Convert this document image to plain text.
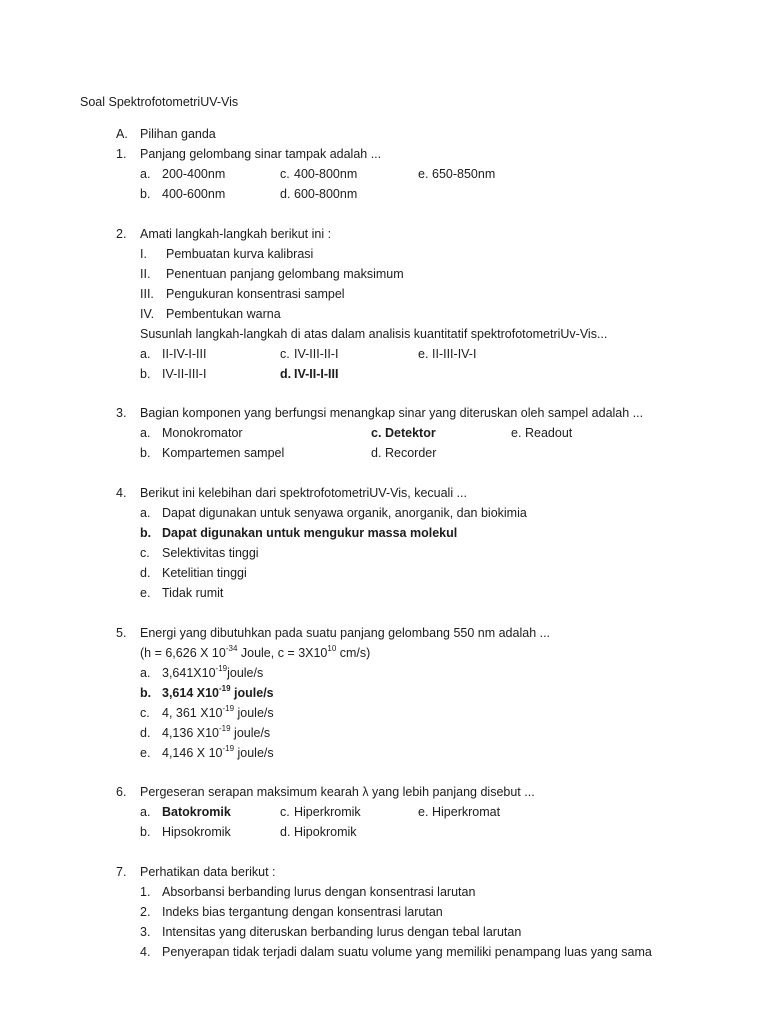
Soal SpektrofotometriUV-Vis
A. Pilihan ganda
1. Panjang gelombang sinar tampak adalah ...
a. 200-400nm	c. 400-800nm	e. 650-850nm
b. 400-600nm	d. 600-800nm
2. Amati langkah-langkah berikut ini :
I. Pembuatan kurva kalibrasi
II. Penentuan panjang gelombang maksimum
III. Pengukuran konsentrasi sampel
IV. Pembentukan warna
Susunlah langkah-langkah di atas dalam analisis kuantitatif spektrofotometriUv-Vis...
a. II-IV-I-III	c. IV-III-II-I	e. II-III-IV-I
b. IV-II-III-I	d. IV-II-I-III
3. Bagian komponen yang berfungsi menangkap sinar yang diteruskan oleh sampel adalah ...
a. Monokromator	c. Detektor	e. Readout
b. Kompartemen sampel	d. Recorder
4. Berikut ini kelebihan dari spektrofotometriUV-Vis, kecuali ...
a. Dapat digunakan untuk senyawa organik, anorganik, dan biokimia
b. Dapat digunakan untuk mengukur massa molekul
c. Selektivitas tinggi
d. Ketelitian tinggi
e. Tidak rumit
5. Energi yang dibutuhkan pada suatu panjang gelombang 550 nm adalah ...
(h = 6,626 X $10^{-34}$ Joule, $c = 3X10^{10}$ cm/s)
a. $3,641X10^{-19}joule/s$
b. 3,614 $X10^{-19}$ joule/s
c. 4, 361 $X10^{-19}$ joule/s
d. 4,136 $X10^{-19}$ joule/s
e. 4,146 X $10^{-19}$ joule/s
6. Pergeseran serapan maksimum kearah λ yang lebih panjang disebut ...
a. Batokromik	c. Hiperkromik	e. Hiperkromat
b. Hipsokromik	d. Hipokromik
7. Perhatikan data berikut :
1. Absorbansi berbanding lurus dengan konsentrasi larutan
2. Indeks bias tergantung dengan konsentrasi larutan
3. Intensitas yang diteruskan berbanding lurus dengan tebal larutan
4. Penyerapan tidak terjadi dalam suatu volume yang memiliki penampang luas yang sama
